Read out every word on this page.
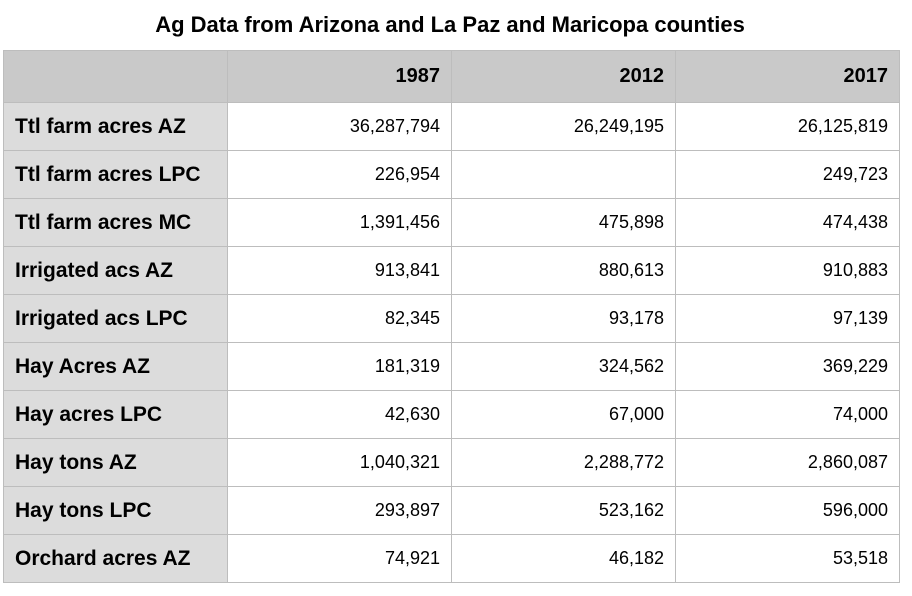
Ag Data from Arizona and La Paz and Maricopa counties
	1987	2012	2017
Ttl farm acres AZ	36,287,794	26,249,195	26,125,819
Ttl farm acres LPC	226,954		249,723
Ttl farm acres MC	1,391,456	475,898	474,438
Irrigated acs AZ	913,841	880,613	910,883
Irrigated acs LPC	82,345	93,178	97,139
Hay Acres AZ	181,319	324,562	369,229
Hay acres LPC	42,630	67,000	74,000
Hay tons AZ	1,040,321	2,288,772	2,860,087
Hay tons LPC	293,897	523,162	596,000
Orchard acres AZ	74,921	46,182	53,518
